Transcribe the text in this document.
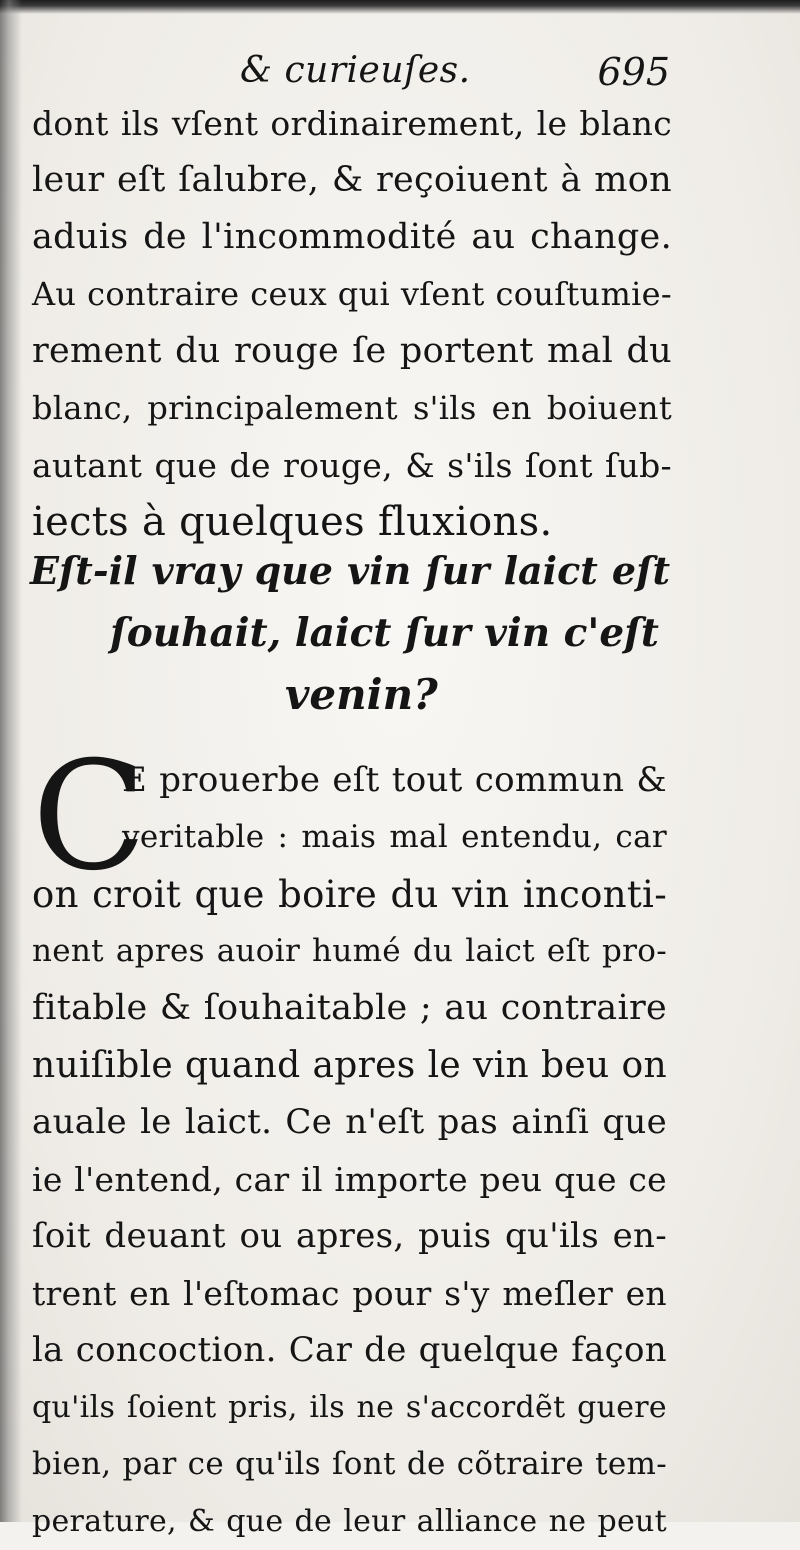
& curieuſes.	695
dont ils vſent ordinairement, le blanc
leur eſt ſalubre, & reçoiuent à mon
aduis de l'incommodité au change.
Au contraire ceux qui vſent couſtumie-
rement du rouge ſe portent mal du
blanc, principalement s'ils en boiuent
autant que de rouge, & s'ils ſont ſub-
iects à quelques fluxions.
Eſt-il vray que vin ſur laict eſt
ſouhait, laict ſur vin c'eſt
venin?
C
E prouerbe eſt tout commun &
veritable : mais mal entendu, car
on croit que boire du vin inconti-
nent apres auoir humé du laict eſt pro-
fitable & ſouhaitable ; au contraire
nuiſible quand apres le vin beu on
auale le laict. Ce n'eſt pas ainſi que
ie l'entend, car il importe peu que ce
ſoit deuant ou apres, puis qu'ils en-
trent en l'eſtomac pour s'y meſler en
la concoction. Car de quelque façon
qu'ils ſoient pris, ils ne s'accordẽt guere
bien, par ce qu'ils ſont de cõtraire tem-
perature, & que de leur alliance ne peut
